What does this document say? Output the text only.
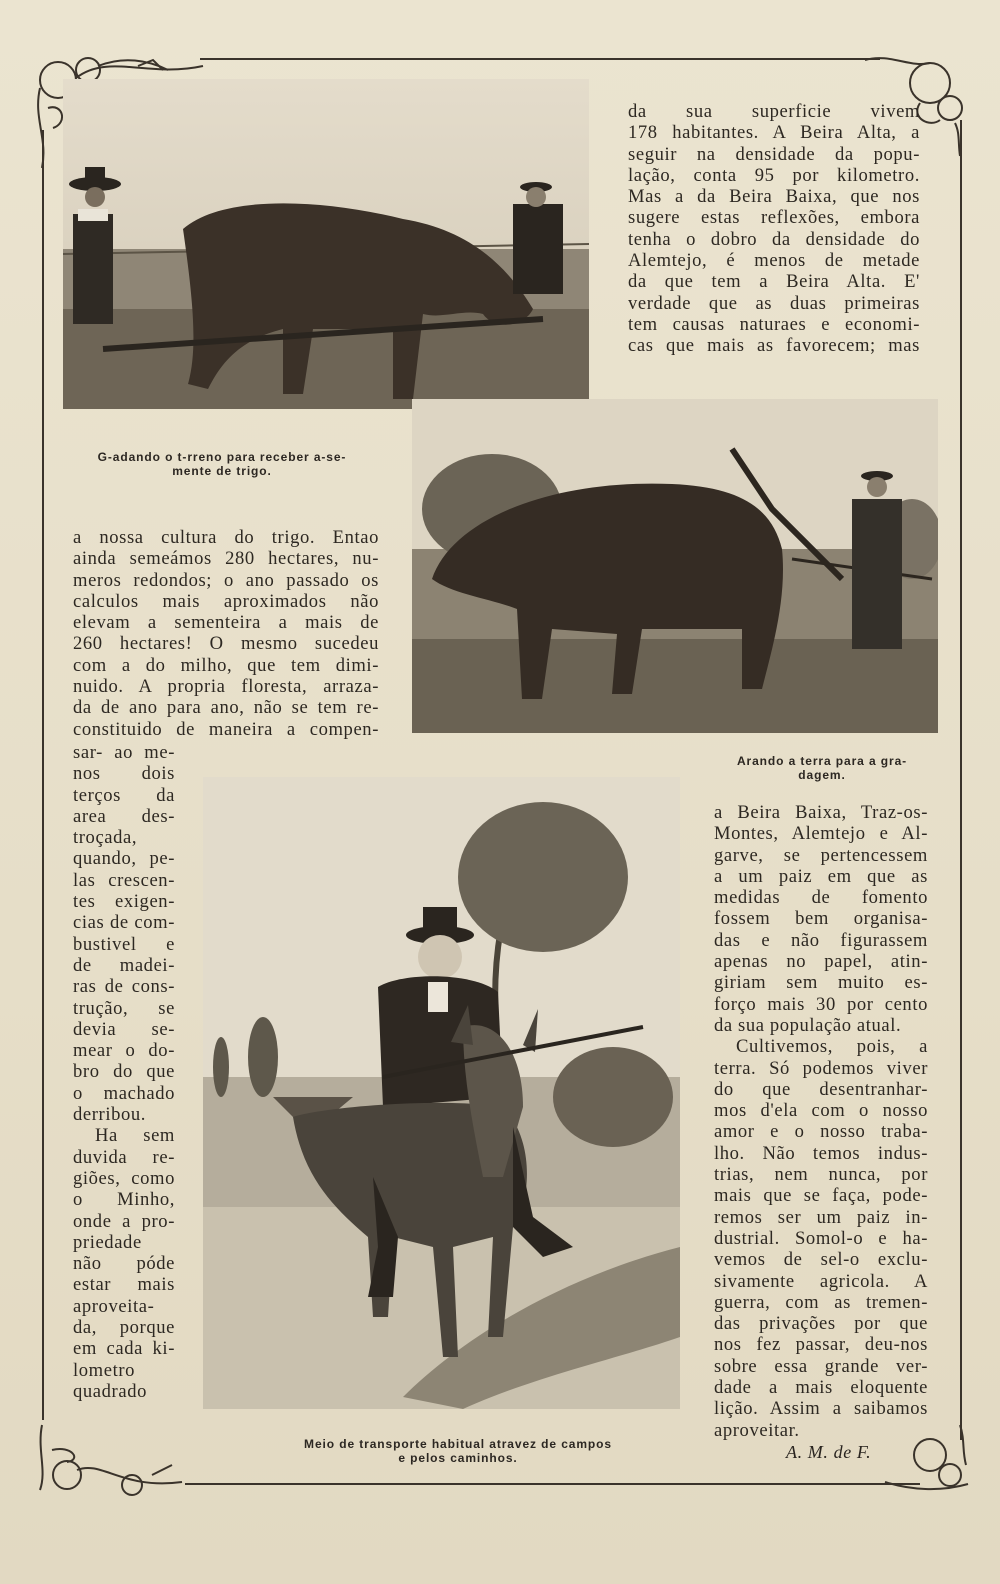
da sua superficie vivem
178 habitantes. A Beira Alta, a
seguir na densidade da popu-
lação, conta 95 por kilometro.
Mas a da Beira Baixa, que nos
sugere estas reflexões, embora
tenha o dobro da densidade do
Alemtejo, é menos de metade
da que tem a Beira Alta. E'
verdade que as duas primeiras
tem causas naturaes e economi-
cas que mais as favorecem; mas
G-adando o t-rreno para receber a-se-
mente de trigo.
a nossa cultura do trigo. Entao
ainda semeámos 280 hectares, nu-
meros redondos; o ano passado os
calculos mais aproximados não
elevam a sementeira a mais de
260 hectares! O mesmo sucedeu
com a do milho, que tem dimi-
nuido. A propria floresta, arraza-
da de ano para ano, não se tem re-
constituido de maneira a compen-
sar- ao me-
nos dois
terços da
area des-
troçada,
quando, pe-
las crescen-
tes exigen-
cias de com-
bustivel e
de madei-
ras de cons-
trução, se
devia se-
mear o do-
bro do que
o machado
derribou.
Ha sem
duvida re-
giões, como
o Minho,
onde a pro-
priedade
não póde
estar mais
aproveita-
da, porque
em cada ki-
lometro
quadrado
Arando a terra para a gra-
dagem.
a Beira Baixa, Traz-os-
Montes, Alemtejo e Al-
garve, se pertencessem
a um paiz em que as
medidas de fomento
fossem bem organisa-
das e não figurassem
apenas no papel, atin-
giriam sem muito es-
forço mais 30 por cento
da sua população atual.
Cultivemos, pois, a
terra. Só podemos viver
do que desentranhar-
mos d'ela com o nosso
amor e o nosso traba-
lho. Não temos indus-
trias, nem nunca, por
mais que se faça, pode-
remos ser um paiz in-
dustrial. Somol-o e ha-
vemos de sel-o exclu-
sivamente agricola. A
guerra, com as tremen-
das privações por que
nos fez passar, deu-nos
sobre essa grande ver-
dade a mais eloquente
lição. Assim a saibamos
aproveitar.
Meio de transporte habitual atravez de campos
e pelos caminhos.	A. M. de F.
